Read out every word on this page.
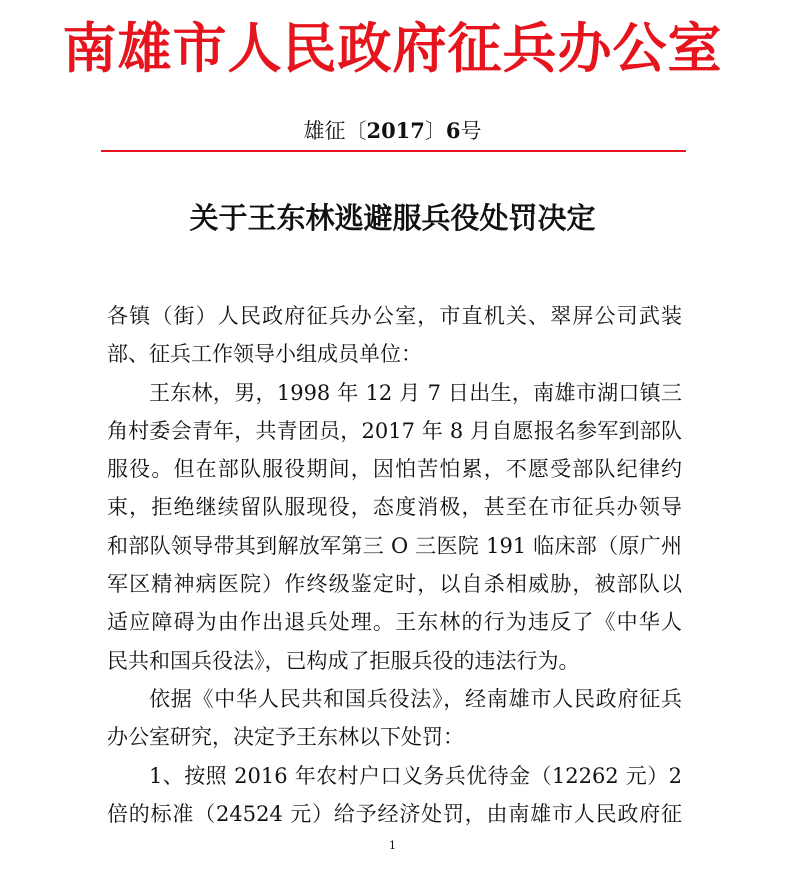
南雄市人民政府征兵办公室
雄征〔2017〕6号
关于王东林逃避服兵役处罚决定
各镇（街）人民政府征兵办公室，市直机关、翠屏公司武装
部、征兵工作领导小组成员单位：
王东林，男，1998 年 12 月 7 日出生，南雄市湖口镇三
角村委会青年，共青团员，2017 年 8 月自愿报名参军到部队
服役。但在部队服役期间，因怕苦怕累，不愿受部队纪律约
束，拒绝继续留队服现役，态度消极，甚至在市征兵办领导
和部队领导带其到解放军第三 O 三医院 191 临床部（原广州
军区精神病医院）作终级鉴定时，以自杀相威胁，被部队以
适应障碍为由作出退兵处理。王东林的行为违反了《中华人
民共和国兵役法》，已构成了拒服兵役的违法行为。
依据《中华人民共和国兵役法》，经南雄市人民政府征兵
办公室研究，决定予王东林以下处罚：
1、按照 2016 年农村户口义务兵优待金（12262 元）2
倍的标准（24524 元）给予经济处罚，由南雄市人民政府征
1
